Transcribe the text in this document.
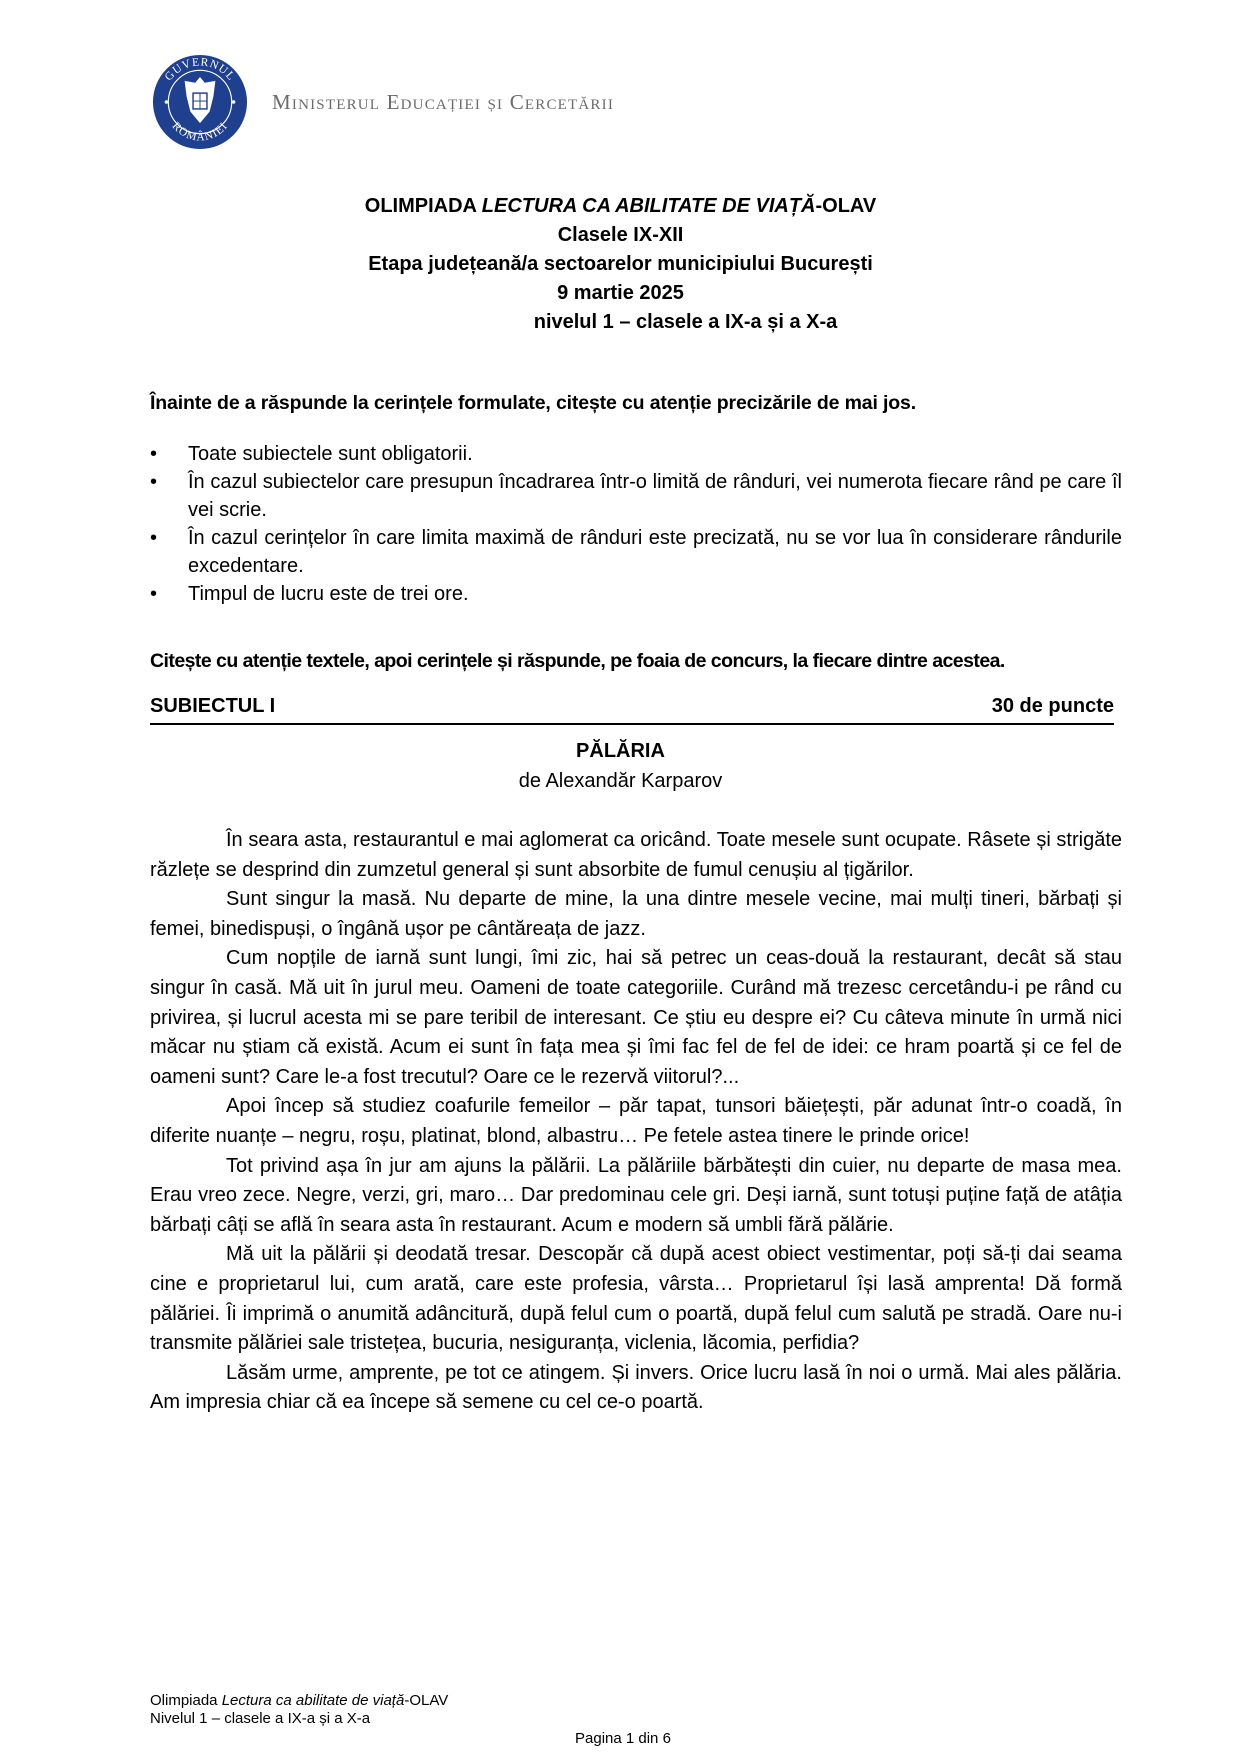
GUVERNUL
ROMÂNIEI
Ministerul Educației și Cercetării
OLIMPIADA LECTURA CA ABILITATE DE VIAȚĂ-OLAV
Clasele IX-XII
Etapa județeană/a sectoarelor municipiului București
9 martie 2025
nivelul 1 – clasele a IX-a și a X-a
Înainte de a răspunde la cerințele formulate, citește cu atenție precizările de mai jos.
• Toate subiectele sunt obligatorii.
• În cazul subiectelor care presupun încadrarea într-o limită de rânduri, vei numerota fiecare rând pe care îl vei scrie.
• În cazul cerințelor în care limita maximă de rânduri este precizată, nu se vor lua în considerare rândurile excedentare.
• Timpul de lucru este de trei ore.
Citește cu atenție textele, apoi cerințele și răspunde, pe foaia de concurs, la fiecare dintre acestea.
SUBIECTUL I	30 de puncte
PĂLĂRIA
de Alexandăr Karparov

În seara asta, restaurantul e mai aglomerat ca oricând. Toate mesele sunt ocupate. Râsete și strigăte răzlețe se desprind din zumzetul general și sunt absorbite de fumul cenușiu al țigărilor.

Sunt singur la masă. Nu departe de mine, la una dintre mesele vecine, mai mulți tineri, bărbați și femei, binedispuși, o îngână ușor pe cântăreața de jazz.

Cum nopțile de iarnă sunt lungi, îmi zic, hai să petrec un ceas-două la restaurant, decât să stau singur în casă. Mă uit în jurul meu. Oameni de toate categoriile. Curând mă trezesc cercetându-i pe rând cu privirea, și lucrul acesta mi se pare teribil de interesant. Ce știu eu despre ei? Cu câteva minute în urmă nici măcar nu știam că există. Acum ei sunt în fața mea și îmi fac fel de fel de idei: ce hram poartă și ce fel de oameni sunt? Care le-a fost trecutul? Oare ce le rezervă viitorul?...

Apoi încep să studiez coafurile femeilor – păr tapat, tunsori băiețești, păr adunat într-o coadă, în diferite nuanțe – negru, roșu, platinat, blond, albastru… Pe fetele astea tinere le prinde orice!

Tot privind așa în jur am ajuns la pălării. La pălăriile bărbătești din cuier, nu departe de masa mea. Erau vreo zece. Negre, verzi, gri, maro… Dar predominau cele gri. Deși iarnă, sunt totuși puține față de atâția bărbați câți se află în seara asta în restaurant. Acum e modern să umbli fără pălărie.

Mă uit la pălării și deodată tresar. Descopăr că după acest obiect vestimentar, poți să-ți dai seama cine e proprietarul lui, cum arată, care este profesia, vârsta… Proprietarul își lasă amprenta! Dă formă pălăriei. Îi imprimă o anumită adâncitură, după felul cum o poartă, după felul cum salută pe stradă. Oare nu-i transmite pălăriei sale tristețea, bucuria, nesiguranța, viclenia, lăcomia, perfidia?

Lăsăm urme, amprente, pe tot ce atingem. Și invers. Orice lucru lasă în noi o urmă. Mai ales pălăria. Am impresia chiar că ea începe să semene cu cel ce-o poartă.

Olimpiada Lectura ca abilitate de viață-OLAV
Nivelul 1 – clasele a IX-a și a X-a
Pagina 1 din 6
